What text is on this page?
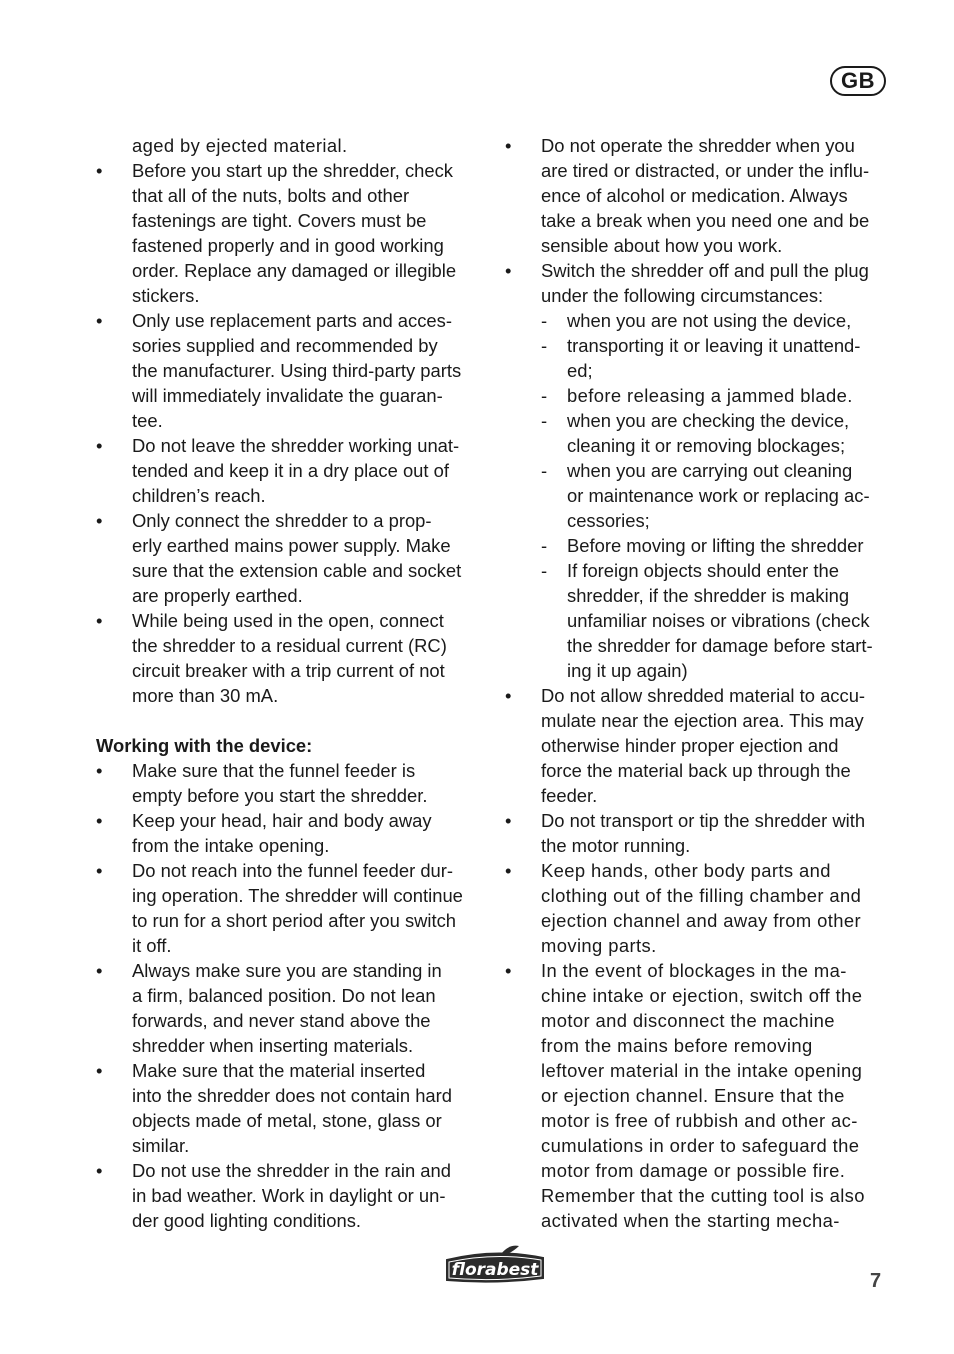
GB
aged by ejected material.
•	Before you start up the shredder, check
that all of the nuts, bolts and other
fastenings are tight. Covers must be
fastened properly and in good working
order. Replace any damaged or illegible
stickers.
•	Only use replacement parts and acces-
sories supplied and recommended by
the manufacturer. Using third-party parts
will immediately invalidate the guaran-
tee.
•	Do not leave the shredder working unat-
tended and keep it in a dry place out of
children’s reach.
•	Only connect the shredder to a prop-
erly earthed mains power supply. Make
sure that the extension cable and socket
are properly earthed.
•	While being used in the open, connect
the shredder to a residual current (RC)
circuit breaker with a trip current of not
more than 30 mA.
Working with the device:
•	Make sure that the funnel feeder is
empty before you start the shredder.
•	Keep your head, hair and body away
from the intake opening.
•	Do not reach into the funnel feeder dur-
ing operation. The shredder will continue
to run for a short period after you switch
it off.
•	Always make sure you are standing in
a firm, balanced position. Do not lean
forwards, and never stand above the
shredder when inserting materials.
•	Make sure that the material inserted
into the shredder does not contain hard
objects made of metal, stone, glass or
similar.
•	Do not use the shredder in the rain and
in bad weather. Work in daylight or un-
der good lighting conditions.
•	Do not operate the shredder when you
are tired or distracted, or under the influ-
ence of alcohol or medication. Always
take a break when you need one and be
sensible about how you work.
•	Switch the shredder off and pull the plug
under the following circumstances:
- when you are not using the device,
- transporting it or leaving it unattend-
ed;
- before releasing a jammed blade.
- when you are checking the device,
cleaning it or removing blockages;
- when you are carrying out cleaning
or maintenance work or replacing ac-
cessories;
- Before moving or lifting the shredder
- If foreign objects should enter the
shredder, if the shredder is making
unfamiliar noises or vibrations (check
the shredder for damage before start-
ing it up again)
•	Do not allow shredded material to accu-
mulate near the ejection area. This may
otherwise hinder proper ejection and
force the material back up through the
feeder.
•	Do not transport or tip the shredder with
the motor running.
• Keep hands, other body parts and
clothing out of the filling chamber and
ejection channel and away from other
moving parts.
• In the event of blockages in the ma-
chine intake or ejection, switch off the
motor and disconnect the machine
from the mains before removing
leftover material in the intake opening
or ejection channel. Ensure that the
motor is free of rubbish and other ac-
cumulations in order to safeguard the
motor from damage or possible fire.
Remember that the cutting tool is also
activated when the starting mecha-
florabest	7
